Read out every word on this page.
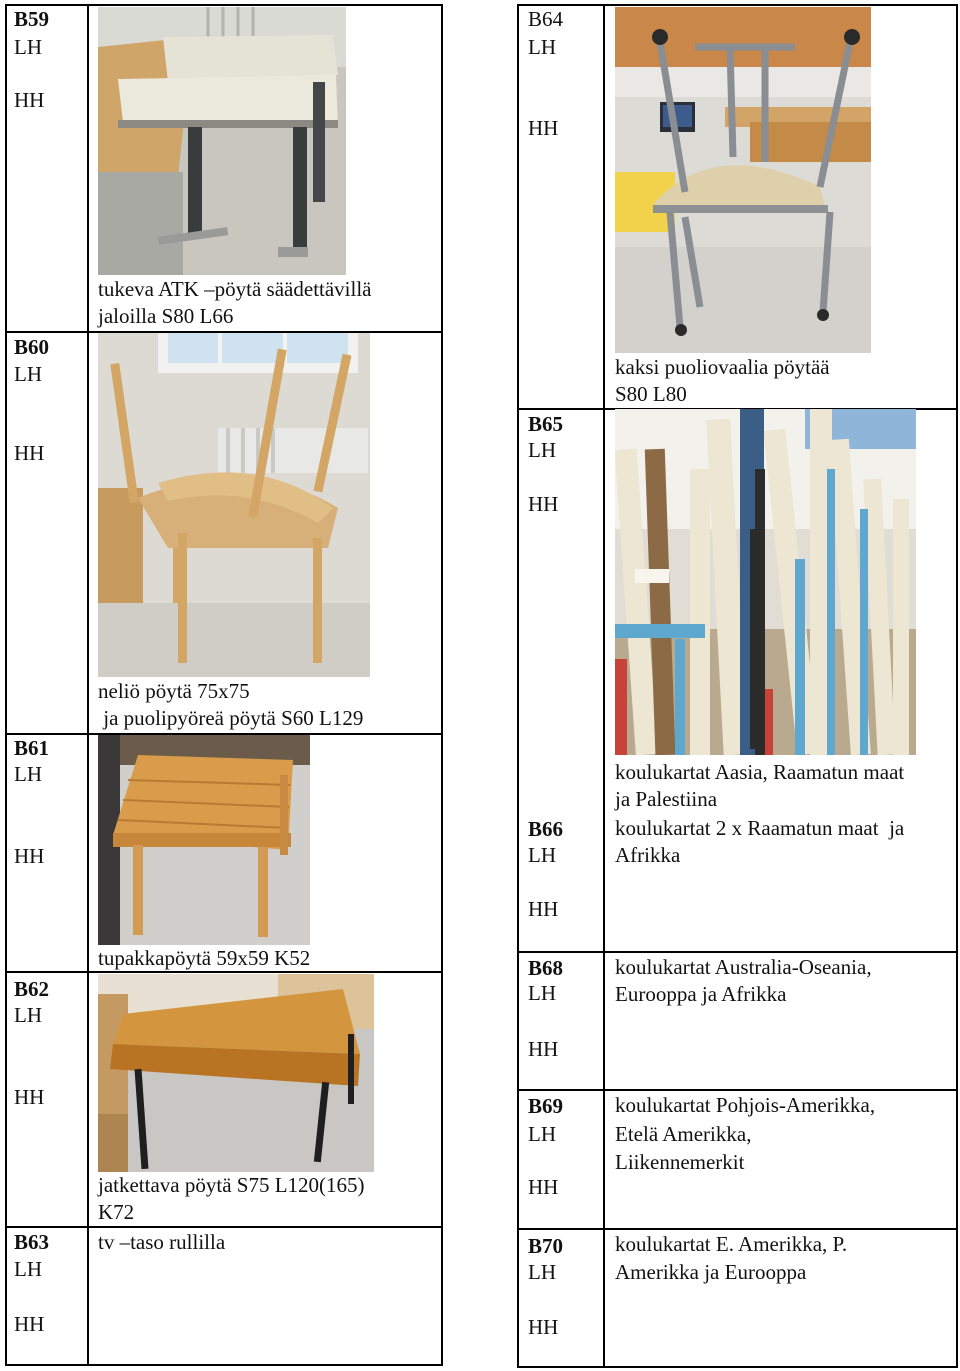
B59
LH
HH
B60
LH
HH
B61
LH
HH
B62
LH
HH
B63
LH
HH
tukeva ATK –pöytä säädettävillä
jaloilla S80 L66
neliö pöytä 75x75
ja puolipyöreä pöytä S60 L129
tupakkapöytä 59x59 K52
jatkettava pöytä S75 L120(165)
K72
tv –taso rullilla
B64
LH
HH
B65
LH
HH
B66
LH
HH
B68
LH
HH
B69
LH
HH
B70
LH
HH
kaksi puoliovaalia pöytää
S80 L80
koulukartat Aasia, Raamatun maat
ja Palestiina
koulukartat 2 x Raamatun maat  ja
Afrikka
koulukartat Australia-Oseania,
Eurooppa ja Afrikka
koulukartat Pohjois-Amerikka,
Etelä Amerikka,
Liikennemerkit
koulukartat E. Amerikka, P.
Amerikka ja Eurooppa
